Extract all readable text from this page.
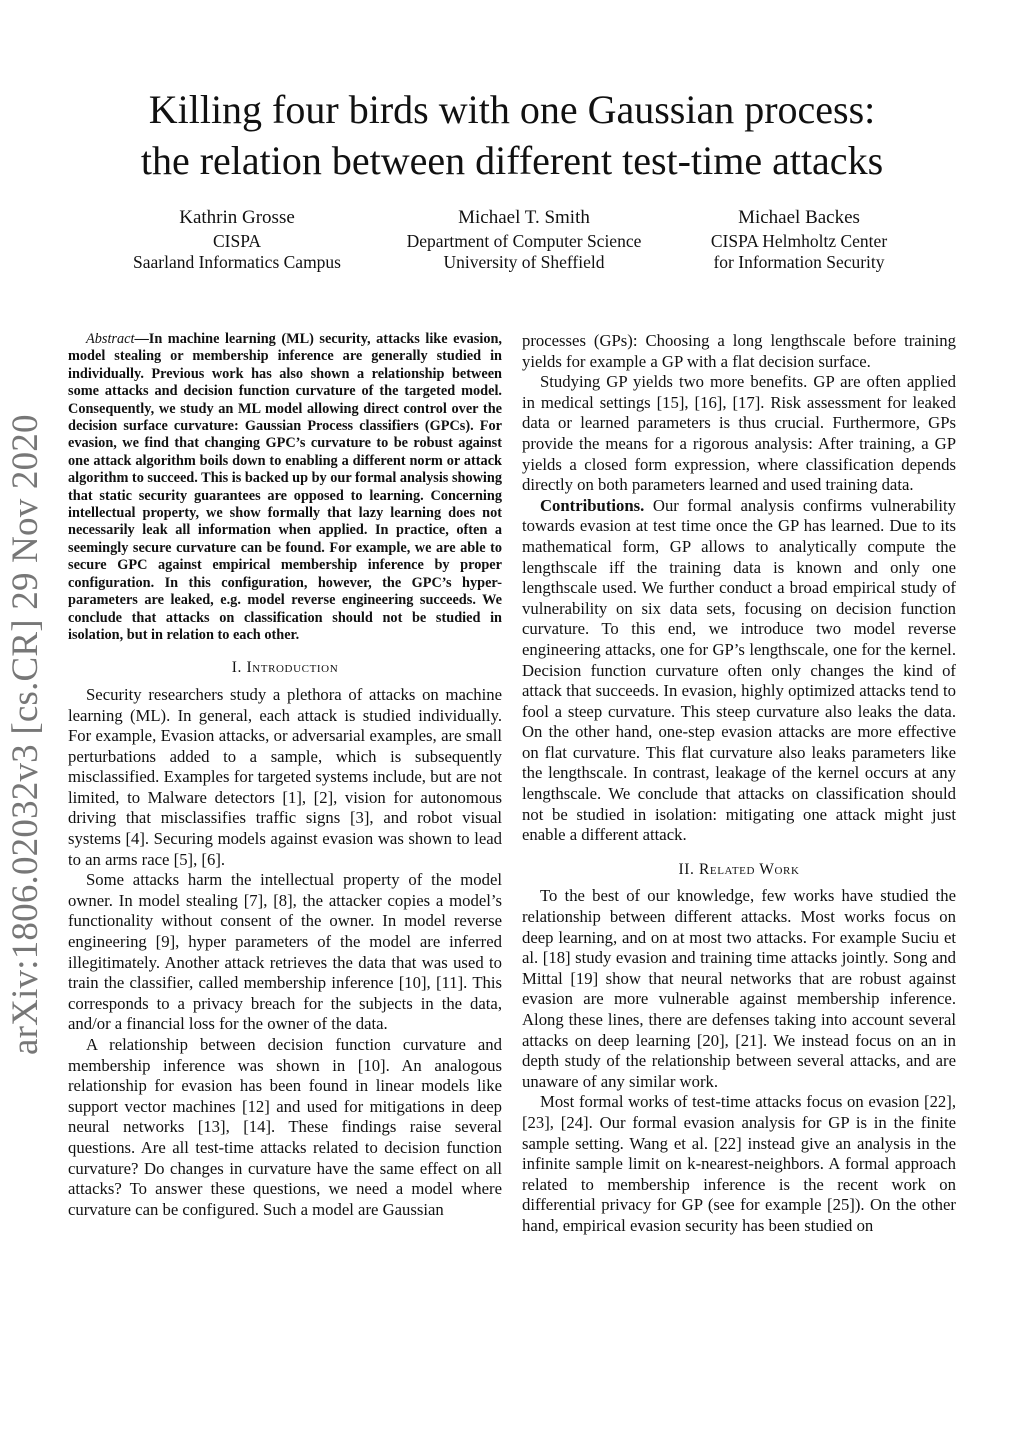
arXiv:1806.02032v3 [cs.CR] 29 Nov 2020
Killing four birds with one Gaussian process:
the relation between different test-time attacks
Kathrin Grosse
CISPA
Saarland Informatics Campus
Michael T. Smith
Department of Computer Science
University of Sheffield
Michael Backes
CISPA Helmholtz Center
for Information Security

Abstract—In machine learning (ML) security, attacks like evasion, model stealing or membership inference are generally studied in individually. Previous work has also shown a relationship between some attacks and decision function curvature of the targeted model. Consequently, we study an ML model allowing direct control over the decision surface curvature: Gaussian Process classifiers (GPCs). For evasion, we find that changing GPC’s curvature to be robust against one attack algorithm boils down to enabling a different norm or attack algorithm to succeed. This is backed up by our formal analysis showing that static security guarantees are opposed to learning. Concerning intellectual property, we show formally that lazy learning does not necessarily leak all information when applied. In practice, often a seemingly secure curvature can be found. For example, we are able to secure GPC against empirical membership inference by proper configuration. In this configuration, however, the GPC’s hyper-parameters are leaked, e.g. model reverse engineering succeeds. We conclude that attacks on classification should not be studied in isolation, but in relation to each other.

I. Introduction

Security researchers study a plethora of attacks on machine learning (ML). In general, each attack is studied individually. For example, Evasion attacks, or adversarial examples, are small perturbations added to a sample, which is subsequently misclassified. Examples for targeted systems include, but are not limited, to Malware detectors [1], [2], vision for autonomous driving that misclassifies traffic signs [3], and robot visual systems [4]. Securing models against evasion was shown to lead to an arms race [5], [6].

Some attacks harm the intellectual property of the model owner. In model stealing [7], [8], the attacker copies a model’s functionality without consent of the owner. In model reverse engineering [9], hyper parameters of the model are inferred illegitimately. Another attack retrieves the data that was used to train the classifier, called membership inference [10], [11]. This corresponds to a privacy breach for the subjects in the data, and/or a financial loss for the owner of the data.

A relationship between decision function curvature and membership inference was shown in [10]. An analogous relationship for evasion has been found in linear models like support vector machines [12] and used for mitigations in deep neural networks [13], [14]. These findings raise several questions. Are all test-time attacks related to decision function curvature? Do changes in curvature have the same effect on all attacks? To answer these questions, we need a model where curvature can be configured. Such a model are Gaussian

processes (GPs): Choosing a long lengthscale before training yields for example a GP with a flat decision surface.

Studying GP yields two more benefits. GP are often applied in medical settings [15], [16], [17]. Risk assessment for leaked data or learned parameters is thus crucial. Furthermore, GPs provide the means for a rigorous analysis: After training, a GP yields a closed form expression, where classification depends directly on both parameters learned and used training data.

Contributions. Our formal analysis confirms vulnerability towards evasion at test time once the GP has learned. Due to its mathematical form, GP allows to analytically compute the lengthscale iff the training data is known and only one lengthscale used. We further conduct a broad empirical study of vulnerability on six data sets, focusing on decision function curvature. To this end, we introduce two model reverse engineering attacks, one for GP’s lengthscale, one for the kernel. Decision function curvature often only changes the kind of attack that succeeds. In evasion, highly optimized attacks tend to fool a steep curvature. This steep curvature also leaks the data. On the other hand, one-step evasion attacks are more effective on flat curvature. This flat curvature also leaks parameters like the lengthscale. In contrast, leakage of the kernel occurs at any lengthscale. We conclude that attacks on classification should not be studied in isolation: mitigating one attack might just enable a different attack.

II. Related Work

To the best of our knowledge, few works have studied the relationship between different attacks. Most works focus on deep learning, and on at most two attacks. For example Suciu et al. [18] study evasion and training time attacks jointly. Song and Mittal [19] show that neural networks that are robust against evasion are more vulnerable against membership inference. Along these lines, there are defenses taking into account several attacks on deep learning [20], [21]. We instead focus on an in depth study of the relationship between several attacks, and are unaware of any similar work.

Most formal works of test-time attacks focus on evasion [22], [23], [24]. Our formal evasion analysis for GP is in the finite sample setting. Wang et al. [22] instead give an analysis in the infinite sample limit on k-nearest-neighbors. A formal approach related to membership inference is the recent work on differential privacy for GP (see for example [25]). On the other hand, empirical evasion security has been studied on
